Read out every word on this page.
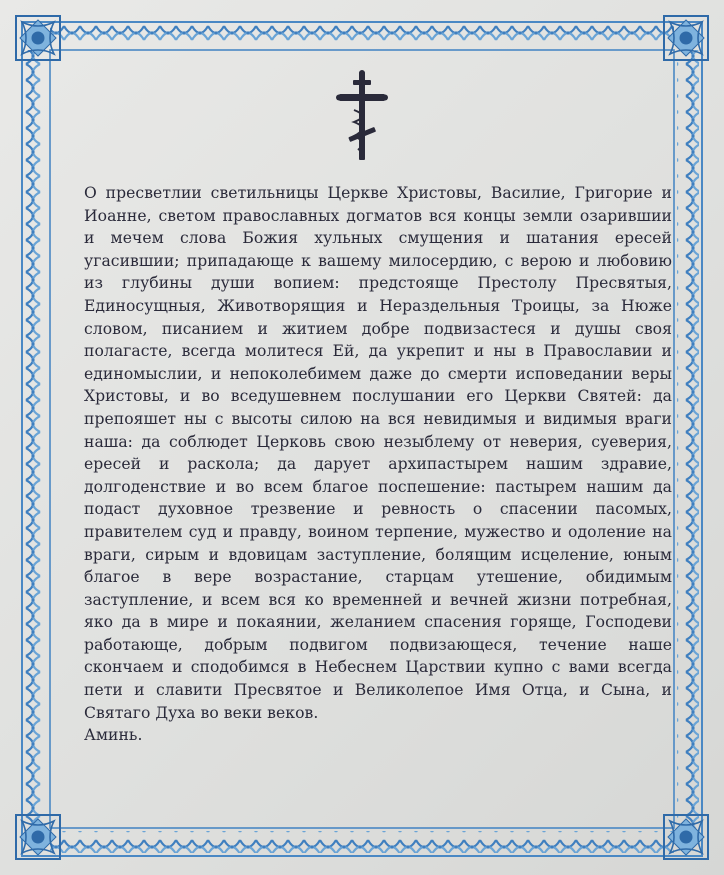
О пресветлии светильницы Церкве Христовы, Василие, Григорие и Иоанне, светом православных догматов вся концы земли озарившии и мечем слова Божия хульных смущения и шатания ересей угасившии; припадающе к вашему милосердию, с верою и любовию из глубины души вопием: предстояще Престолу Пресвятыя, Единосущныя, Животворящия и Нераздельныя Троицы, за Нюже словом, писанием и житием добре подвизастеся и душы своя полагасте, всегда молитеся Ей, да укрепит и ны в Православии и единомыслии, и непоколебимем даже до смерти исповедании веры Христовы, и во вседушевнем послушании его Церкви Святей: да препояшет ны с высоты силою на вся невидимыя и видимыя враги наша: да соблюдет Церковь свою незыблему от неверия, суеверия, ересей и раскола; да дарует архипастырем нашим здравие, долгоденствие и во всем благое поспешение: пастырем нашим да подаст духовное трезвение и ревность о спасении пасомых, правителем суд и правду, воином терпение, мужество и одоление на враги, сирым и вдовицам заступление, болящим исцеление, юным благое в вере возрастание, старцам утешение, обидимым заступление, и всем вся ко временней и вечней жизни потребная, яко да в мире и покаянии, желанием спасения горяще, Господеви работающе, добрым подвигом подвизающеся, течение наше скончаем и сподобимся в Небеснем Царствии купно с вами всегда пети и славити Пресвятое и Великолепое Имя Отца, и Сына, и Святаго Духа во веки веков.
Аминь.
